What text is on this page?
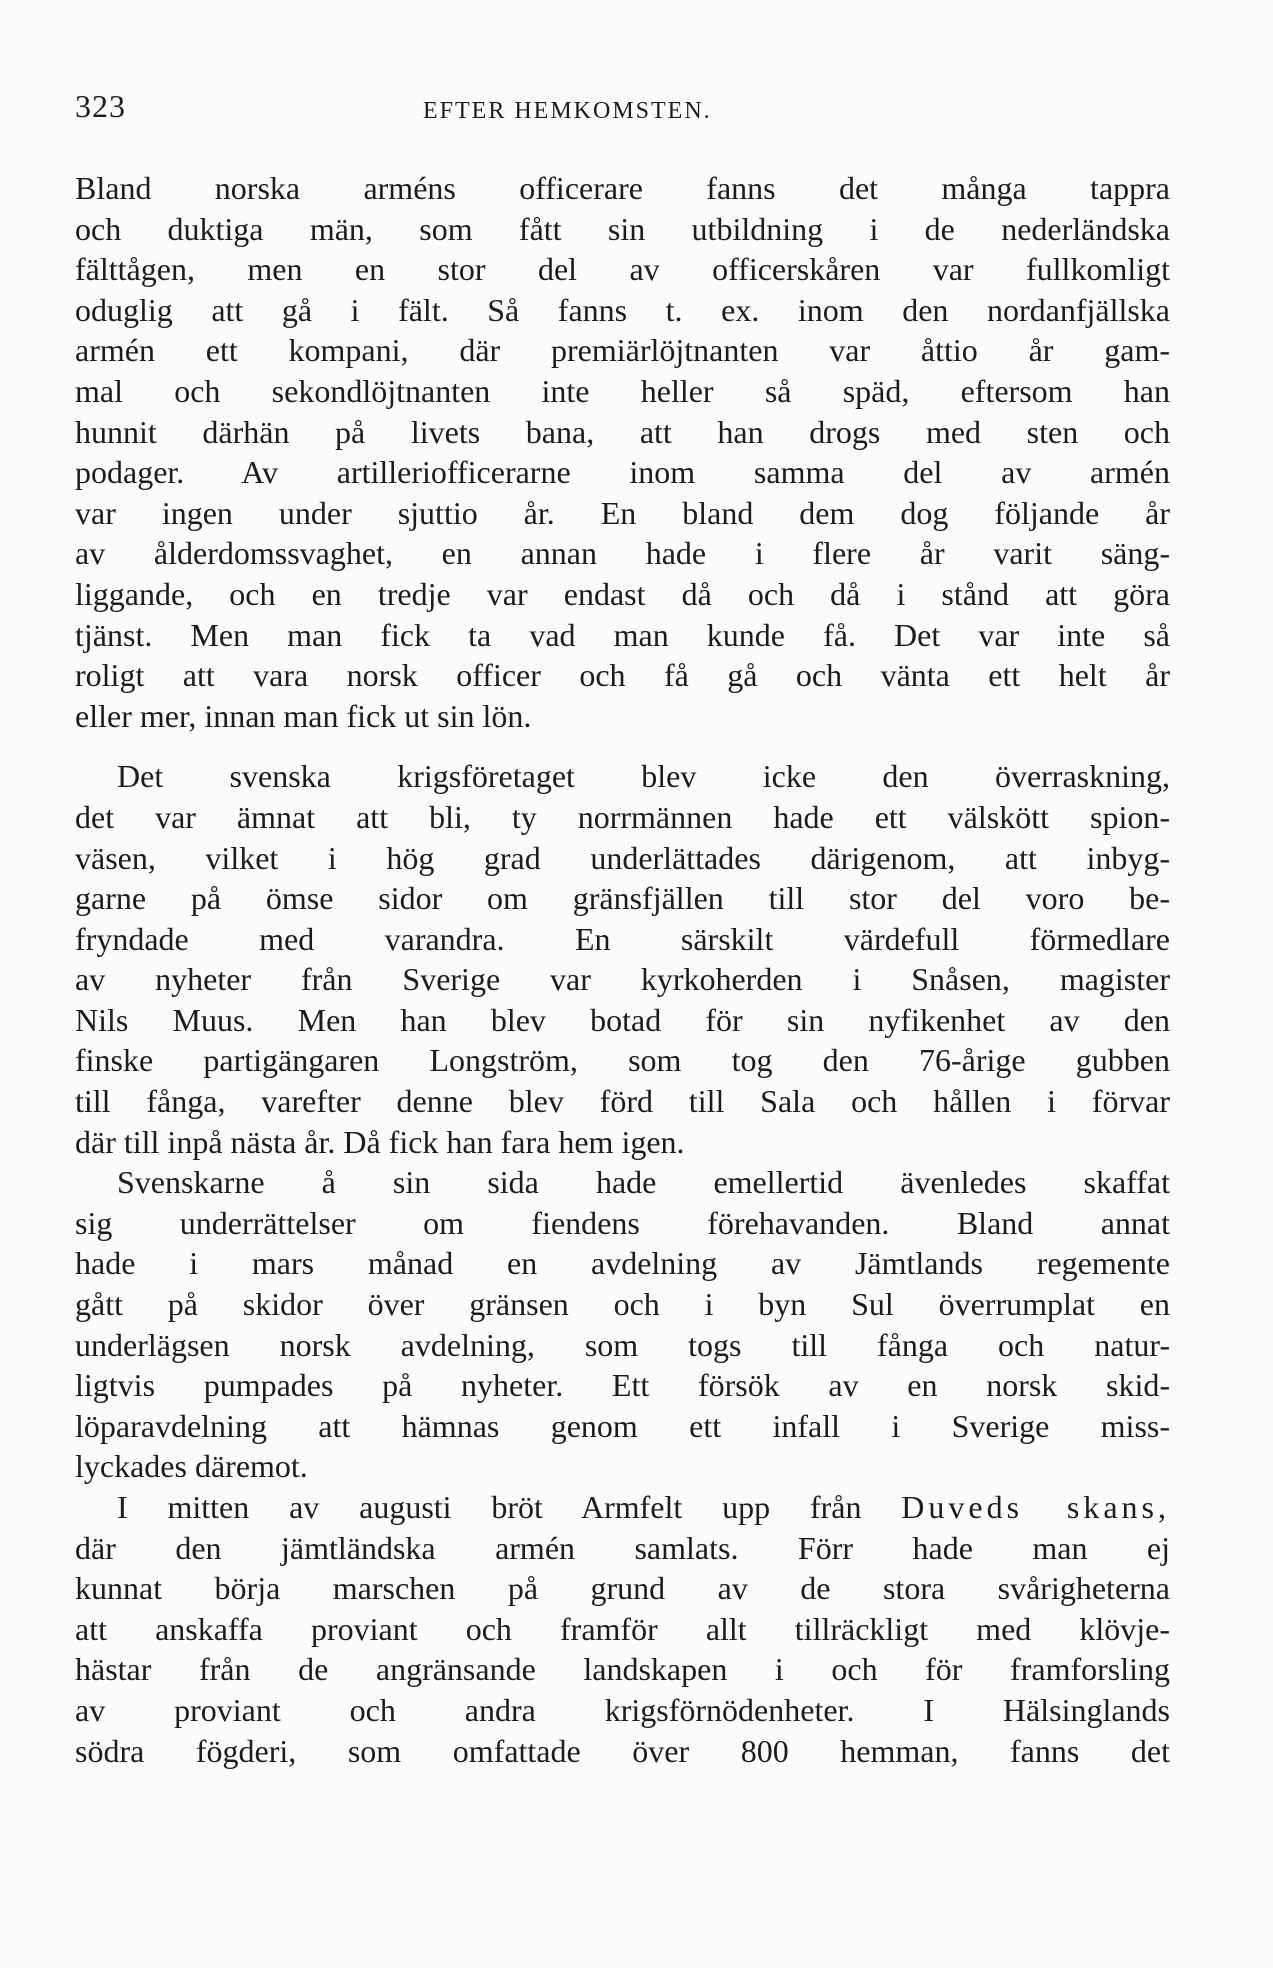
323	EFTER HEMKOMSTEN.
Bland norska arméns officerare fanns det många tappra
och duktiga män, som fått sin utbildning i de nederländska
fälttågen, men en stor del av officerskåren var fullkomligt
oduglig att gå i fält. Så fanns t. ex. inom den nordanfjällska
armén ett kompani, där premiärlöjtnanten var åttio år gam-
mal och sekondlöjtnanten inte heller så späd, eftersom han
hunnit därhän på livets bana, att han drogs med sten och
podager. Av artilleriofficerarne inom samma del av armén
var ingen under sjuttio år. En bland dem dog följande år
av ålderdomssvaghet, en annan hade i flere år varit säng-
liggande, och en tredje var endast då och då i stånd att göra
tjänst. Men man fick ta vad man kunde få. Det var inte så
roligt att vara norsk officer och få gå och vänta ett helt år
eller mer, innan man fick ut sin lön.
Det svenska krigsföretaget blev icke den överraskning,
det var ämnat att bli, ty norrmännen hade ett välskött spion-
väsen, vilket i hög grad underlättades därigenom, att inbyg-
garne på ömse sidor om gränsfjällen till stor del voro be-
fryndade med varandra. En särskilt värdefull förmedlare
av nyheter från Sverige var kyrkoherden i Snåsen, magister
Nils Muus. Men han blev botad för sin nyfikenhet av den
finske partigängaren Longström, som tog den 76-årige gubben
till fånga, varefter denne blev förd till Sala och hållen i förvar
där till inpå nästa år. Då fick han fara hem igen.
Svenskarne å sin sida hade emellertid ävenledes skaffat
sig underrättelser om fiendens förehavanden. Bland annat
hade i mars månad en avdelning av Jämtlands regemente
gått på skidor över gränsen och i byn Sul överrumplat en
underlägsen norsk avdelning, som togs till fånga och natur-
ligtvis pumpades på nyheter. Ett försök av en norsk skid-
löparavdelning att hämnas genom ett infall i Sverige miss-
lyckades däremot.
I mitten av augusti bröt Armfelt upp från Duveds skans,
där den jämtländska armén samlats. Förr hade man ej
kunnat börja marschen på grund av de stora svårigheterna
att anskaffa proviant och framför allt tillräckligt med klövje-
hästar från de angränsande landskapen i och för framforsling
av proviant och andra krigsförnödenheter. I Hälsinglands
södra fögderi, som omfattade över 800 hemman, fanns det
